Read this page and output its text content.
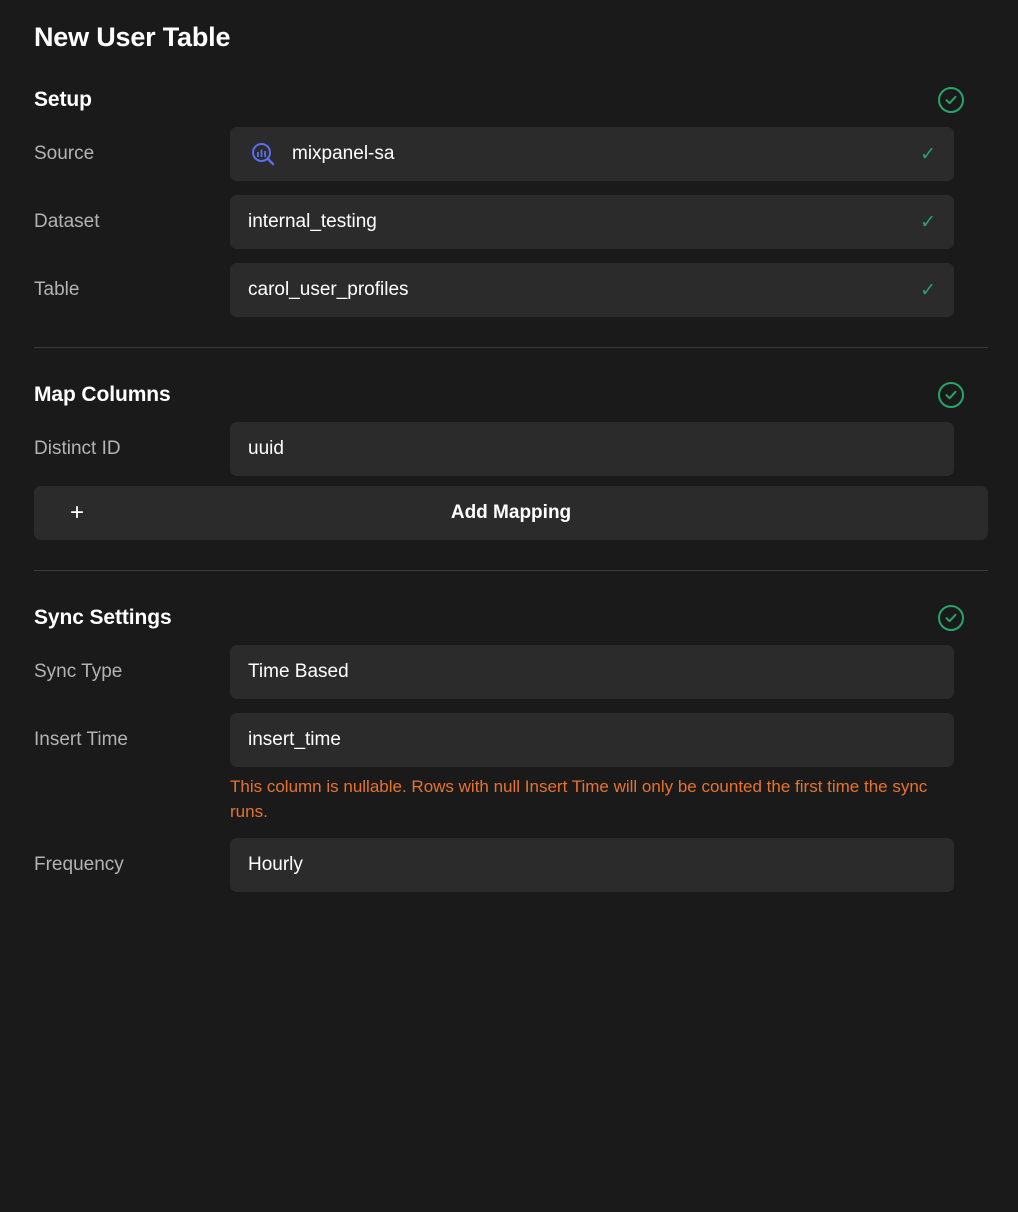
New User Table
Setup
Source	mixpanel-sa	✓
Dataset	internal_testing	✓
Table	carol_user_profiles	✓
Map Columns
Distinct ID	uuid
+	Add Mapping
Sync Settings
Sync Type	Time Based
Insert Time	insert_time
This column is nullable. Rows with null Insert Time will only be counted the first time the sync runs.
Frequency	Hourly
